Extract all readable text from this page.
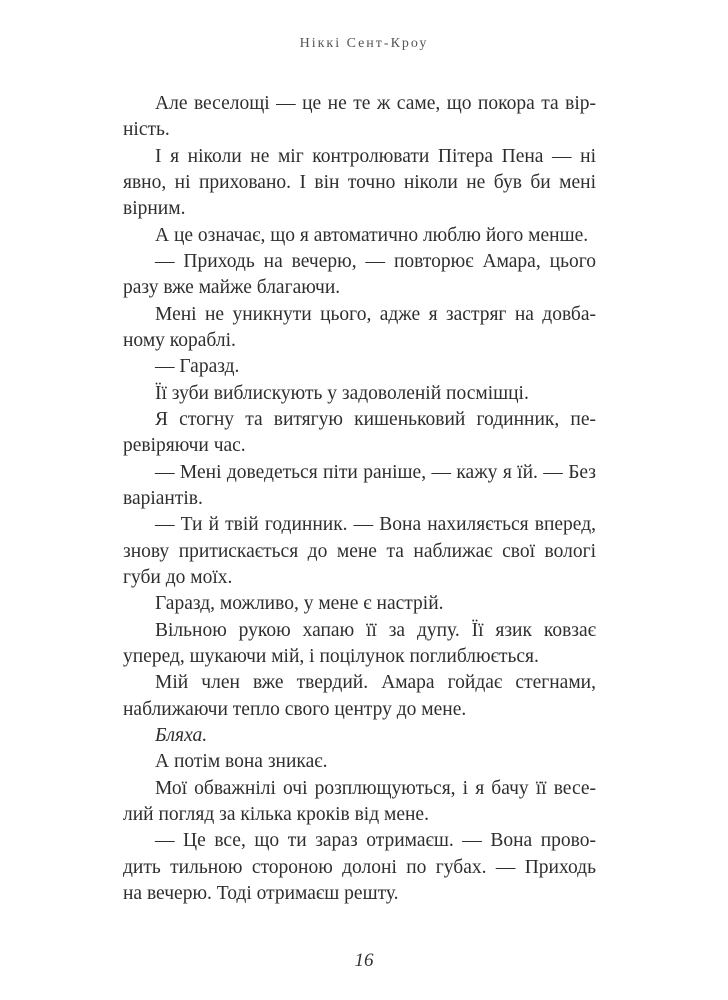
Ніккі Сент-Кроу
Але веселощі — це не те ж саме, що покора та вір-
ність.
І я ніколи не міг контролювати Пітера Пена — ні
явно, ні приховано. І він точно ніколи не був би мені
вірним.
А це означає, що я автоматично люблю його менше.
— Приходь на вечерю, — повторює Амара, цього
разу вже майже благаючи.
Мені не уникнути цього, адже я застряг на довба-
ному кораблі.
— Гаразд.
Її зуби виблискують у задоволеній посмішці.
Я стогну та витягую кишеньковий годинник, пе-
ревіряючи час.
— Мені доведеться піти раніше, — кажу я їй. — Без
варіантів.
— Ти й твій годинник. — Вона нахиляється вперед,
знову притискається до мене та наближає свої вологі
губи до моїх.
Гаразд, можливо, у мене є настрій.
Вільною рукою хапаю її за дупу. Її язик ковзає
уперед, шукаючи мій, і поцілунок поглиблюється.
Мій член вже твердий. Амара гойдає стегнами,
наближаючи тепло свого центру до мене.
Бляха.
А потім вона зникає.
Мої обважнілі очі розплющуються, і я бачу її весе-
лий погляд за кілька кроків від мене.
— Це все, що ти зараз отримаєш. — Вона прово-
дить тильною стороною долоні по губах. — Приходь
на вечерю. Тоді отримаєш решту.
16
